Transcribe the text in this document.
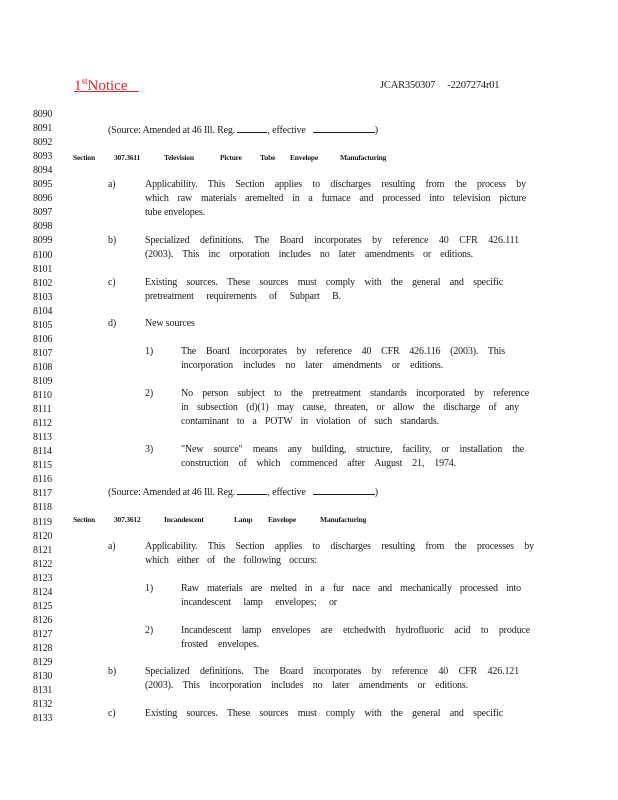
1stNotice	JCAR350307     -2207274r01
8090
8091
8092
8093
8094
8095
8096
8097
8098
8099
8100
8101
8102
8103
8104
8105
8106
8107
8108
8109
8110
8111
8112
8113
8114
8115
8116
8117
8118
8119
8120
8121
8122
8123
8124
8125
8126
8127
8128
8129
8130
8131
8132
8133
(Source: Amended at 46 Ill. Reg.	, effective	)
Section	307.3611	Television	Picture Tube Envelope	Manufacturing
a)	Applicability. This Section applies to discharges resulting from the process by
which raw materials aremelted in a furnace and processed into television picture
tube envelopes.
b)	Specialized definitions. The Board incorporates by reference 40 CFR 426.111
(2003). This inc orporation includes no later amendments or editions.
c)	Existing sources. These sources must comply with the general and specific
pretreatment requirements of Subpart B.
d)	New sources
1)	The Board incorporates by reference 40 CFR 426.116 (2003). This
incorporation includes no later amendments or editions.
2)	No person subject to the pretreatment standards incorporated by reference
in subsection (d)(1) may cause, threaten, or allow the discharge of any
contaminant to a POTW in violation of such standards.
3)	"New source" means any building, structure, facility, or installation the
construction of which commenced after August 21, 1974.
(Source: Amended at 46 Ill. Reg.	, effective	)
Section	307.3612	Incandescent	Lamp Envelope	Manufacturing
a)	Applicability. This Section applies to discharges resulting from the processes by
which either of the following occurs:
1)	Raw materials are melted in a fur nace and mechanically processed into
incandescent lamp envelopes; or
2)	Incandescent lamp envelopes are etchedwith hydrofluoric acid to produce
frosted envelopes.
b)	Specialized definitions. The Board incorporates by reference 40 CFR 426.121
(2003). This incorporation includes no later amendments or editions.
c)	Existing sources. These sources must comply with the general and specific
